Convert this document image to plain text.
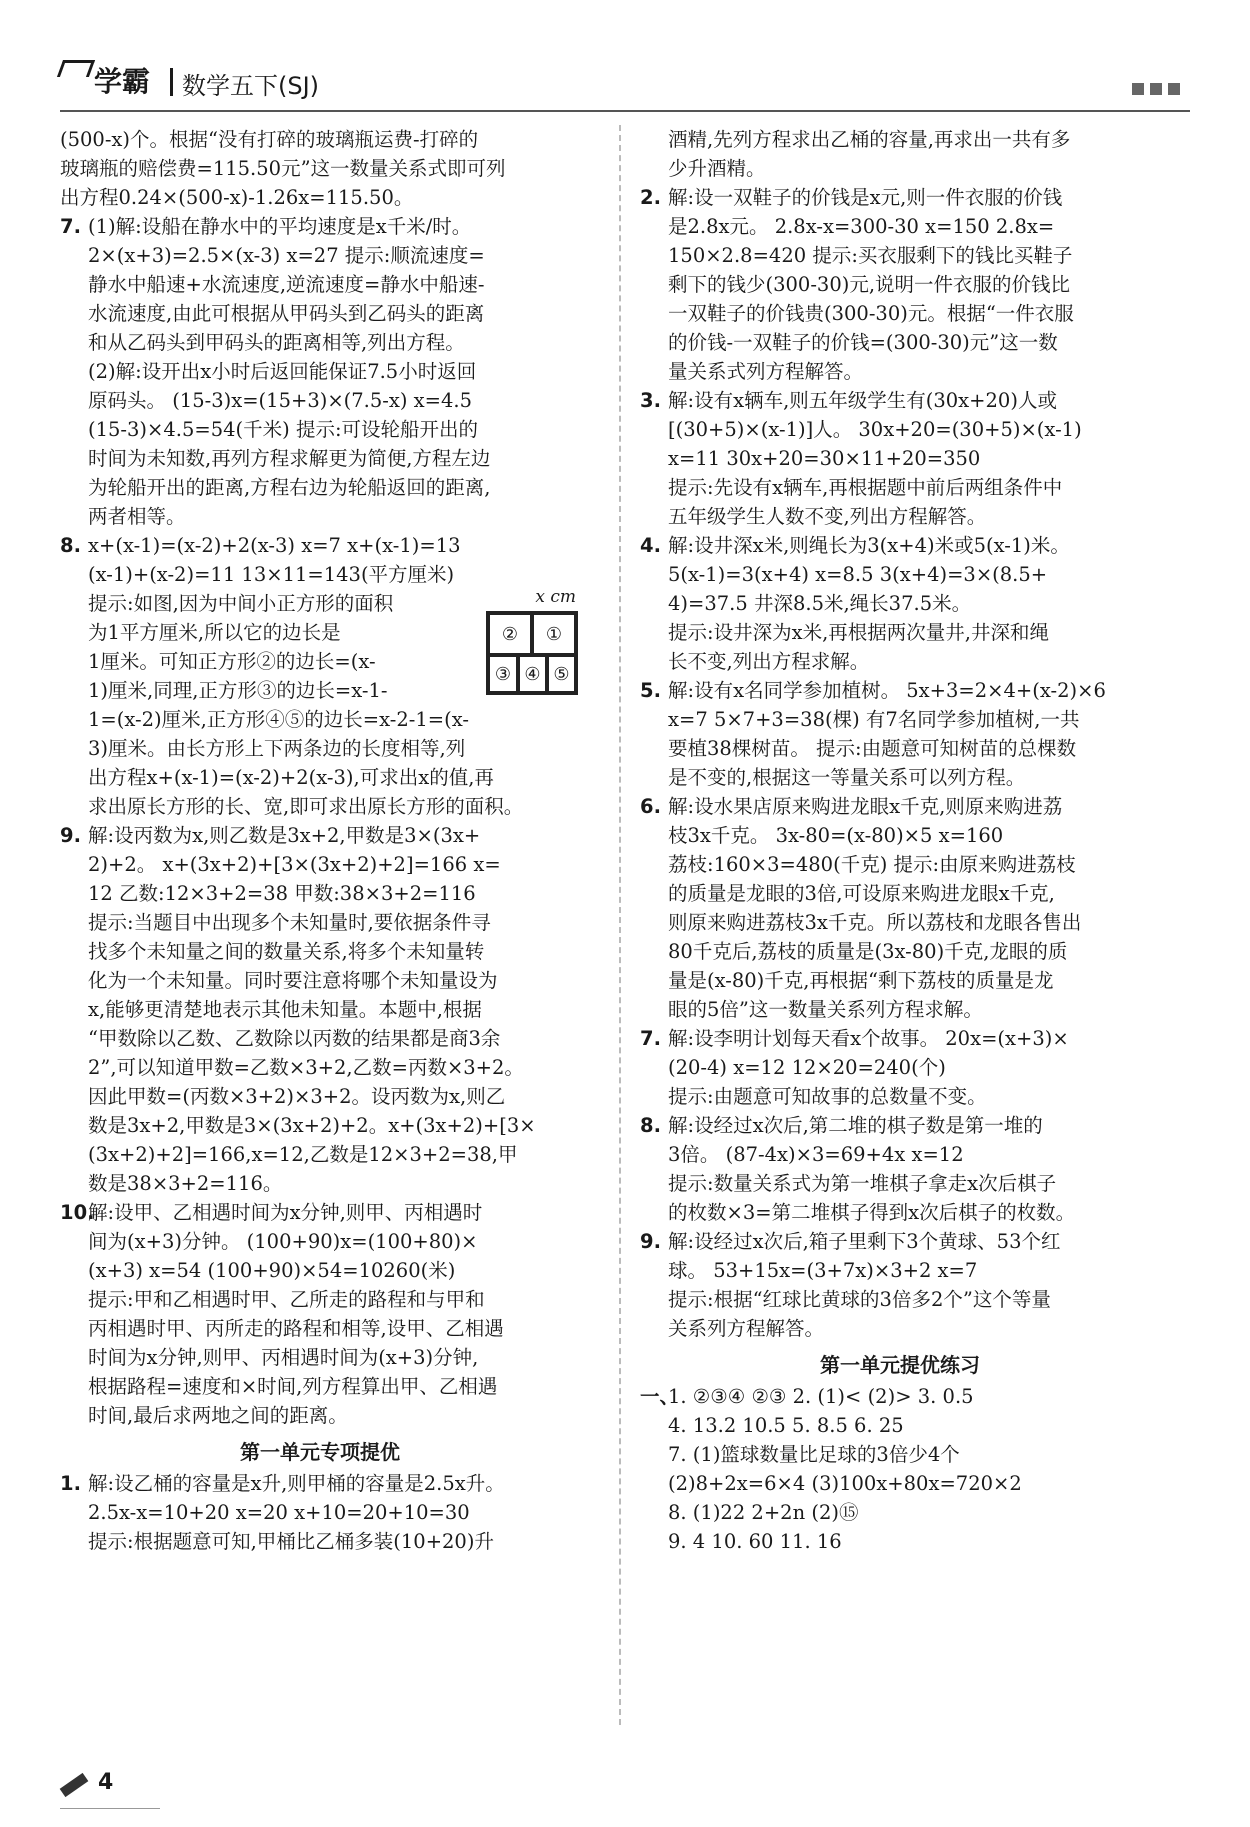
学霸 数学五下(SJ)

(500-x)个。根据“没有打碎的玻璃瓶运费-打碎的

玻璃瓶的赔偿费=115.50元”这一数量关系式即可列

出方程0.24×(500-x)-1.26x=115.50。

7. (1)解:设船在静水中的平均速度是x千米/时。

2×(x+3)=2.5×(x-3) x=27 提示:顺流速度=

静水中船速+水流速度,逆流速度=静水中船速-

水流速度,由此可根据从甲码头到乙码头的距离

和从乙码头到甲码头的距离相等,列出方程。

(2)解:设开出x小时后返回能保证7.5小时返回

原码头。 (15-3)x=(15+3)×(7.5-x) x=4.5

(15-3)×4.5=54(千米) 提示:可设轮船开出的

时间为未知数,再列方程求解更为简便,方程左边

为轮船开出的距离,方程右边为轮船返回的距离,

两者相等。

8. x+(x-1)=(x-2)+2(x-3) x=7 x+(x-1)=13

(x-1)+(x-2)=11 13×11=143(平方厘米)

提示:如图,因为中间小正方形的面积

为1平方厘米,所以它的边长是

1厘米。可知正方形②的边长=(x-

1)厘米,同理,正方形③的边长=x-1-

x cm
②	①
③ ④ ⑤

1=(x-2)厘米,正方形④⑤的边长=x-2-1=(x-

3)厘米。由长方形上下两条边的长度相等,列

出方程x+(x-1)=(x-2)+2(x-3),可求出x的值,再

求出原长方形的长、宽,即可求出原长方形的面积。

9. 解:设丙数为x,则乙数是3x+2,甲数是3×(3x+

2)+2。 x+(3x+2)+[3×(3x+2)+2]=166 x=

12 乙数:12×3+2=38 甲数:38×3+2=116

提示:当题目中出现多个未知量时,要依据条件寻

找多个未知量之间的数量关系,将多个未知量转

化为一个未知量。同时要注意将哪个未知量设为

x,能够更清楚地表示其他未知量。本题中,根据

“甲数除以乙数、乙数除以丙数的结果都是商3余

2”,可以知道甲数=乙数×3+2,乙数=丙数×3+2。

因此甲数=(丙数×3+2)×3+2。设丙数为x,则乙

数是3x+2,甲数是3×(3x+2)+2。x+(3x+2)+[3×

(3x+2)+2]=166,x=12,乙数是12×3+2=38,甲

数是38×3+2=116。

10.解:设甲、乙相遇时间为x分钟,则甲、丙相遇时

间为(x+3)分钟。 (100+90)x=(100+80)×

(x+3) x=54 (100+90)×54=10260(米)

提示:甲和乙相遇时甲、乙所走的路程和与甲和

丙相遇时甲、丙所走的路程和相等,设甲、乙相遇

时间为x分钟,则甲、丙相遇时间为(x+3)分钟,

根据路程=速度和×时间,列方程算出甲、乙相遇

时间,最后求两地之间的距离。

第一单元专项提优

1. 解:设乙桶的容量是x升,则甲桶的容量是2.5x升。

2.5x-x=10+20 x=20 x+10=20+10=30

提示:根据题意可知,甲桶比乙桶多装(10+20)升

酒精,先列方程求出乙桶的容量,再求出一共有多

少升酒精。

2. 解:设一双鞋子的价钱是x元,则一件衣服的价钱

是2.8x元。 2.8x-x=300-30 x=150 2.8x=

150×2.8=420 提示:买衣服剩下的钱比买鞋子

剩下的钱少(300-30)元,说明一件衣服的价钱比

一双鞋子的价钱贵(300-30)元。根据“一件衣服

的价钱-一双鞋子的价钱=(300-30)元”这一数

量关系式列方程解答。

3. 解:设有x辆车,则五年级学生有(30x+20)人或

[(30+5)×(x-1)]人。 30x+20=(30+5)×(x-1)

x=11 30x+20=30×11+20=350

提示:先设有x辆车,再根据题中前后两组条件中

五年级学生人数不变,列出方程解答。

4. 解:设井深x米,则绳长为3(x+4)米或5(x-1)米。

5(x-1)=3(x+4) x=8.5 3(x+4)=3×(8.5+

4)=37.5 井深8.5米,绳长37.5米。

提示:设井深为x米,再根据两次量井,井深和绳

长不变,列出方程求解。

5. 解:设有x名同学参加植树。 5x+3=2×4+(x-2)×6

x=7 5×7+3=38(棵) 有7名同学参加植树,一共

要植38棵树苗。 提示:由题意可知树苗的总棵数

是不变的,根据这一等量关系可以列方程。

6. 解:设水果店原来购进龙眼x千克,则原来购进荔

枝3x千克。 3x-80=(x-80)×5 x=160

荔枝:160×3=480(千克) 提示:由原来购进荔枝

的质量是龙眼的3倍,可设原来购进龙眼x千克,

则原来购进荔枝3x千克。所以荔枝和龙眼各售出

80千克后,荔枝的质量是(3x-80)千克,龙眼的质

量是(x-80)千克,再根据“剩下荔枝的质量是龙

眼的5倍”这一数量关系列方程求解。

7. 解:设李明计划每天看x个故事。 20x=(x+3)×

(20-4) x=12 12×20=240(个)

提示:由题意可知故事的总数量不变。

8. 解:设经过x次后,第二堆的棋子数是第一堆的

3倍。 (87-4x)×3=69+4x x=12

提示:数量关系式为第一堆棋子拿走x次后棋子

的枚数×3=第二堆棋子得到x次后棋子的枚数。

9. 解:设经过x次后,箱子里剩下3个黄球、53个红

球。 53+15x=(3+7x)×3+2 x=7

提示:根据“红球比黄球的3倍多2个”这个等量

关系列方程解答。

第一单元提优练习

一、1. ②③④ ②③ 2. (1)< (2)> 3. 0.5

4. 13.2 10.5 5. 8.5 6. 25

7. (1)篮球数量比足球的3倍少4个

(2)8+2x=6×4 (3)100x+80x=720×2

8. (1)22 2+2n (2)⑮

9. 4 10. 60 11. 16

4
